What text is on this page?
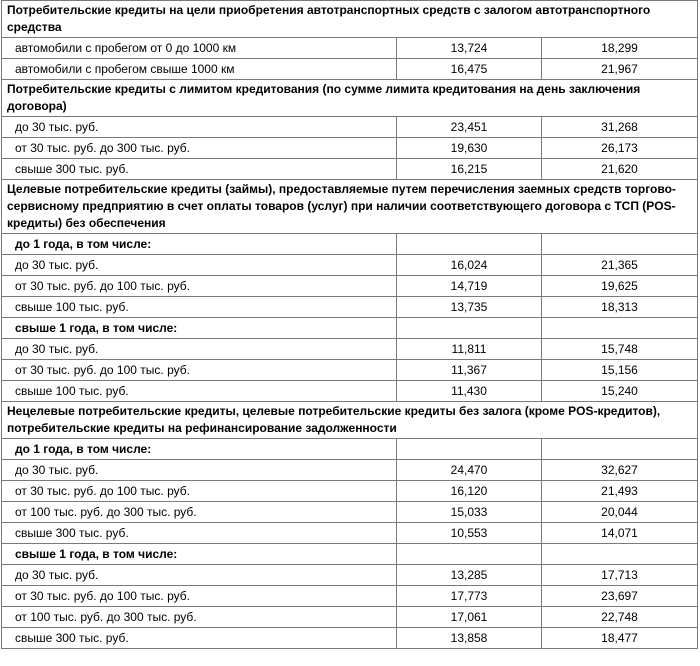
Потребительские кредиты на цели приобретения автотранспортных средств с залогом автотранспортного средства		
автомобили с пробегом от 0 до 1000 км	13,724	18,299
автомобили с пробегом свыше 1000 км	16,475	21,967
Потребительские кредиты с лимитом кредитования (по сумме лимита кредитования на день заключения договора)		
до 30 тыс. руб.	23,451	31,268
от 30 тыс. руб. до 300 тыс. руб.	19,630	26,173
свыше 300 тыс. руб.	16,215	21,620
Целевые потребительские кредиты (займы), предоставляемые путем перечисления заемных средств торгово-сервисному предприятию в счет оплаты товаров (услуг) при наличии соответствующего договора с ТСП (POS-кредиты) без обеспечения		
до 1 года, в том числе:		
до 30 тыс. руб.	16,024	21,365
от 30 тыс. руб. до 100 тыс. руб.	14,719	19,625
свыше 100 тыс. руб.	13,735	18,313
свыше 1 года, в том числе:		
до 30 тыс. руб.	11,811	15,748
от 30 тыс. руб. до 100 тыс. руб.	11,367	15,156
свыше 100 тыс. руб.	11,430	15,240
Нецелевые потребительские кредиты, целевые потребительские кредиты без залога (кроме POS-кредитов), потребительские кредиты на рефинансирование задолженности		
до 1 года, в том числе:		
до 30 тыс. руб.	24,470	32,627
от 30 тыс. руб. до 100 тыс. руб.	16,120	21,493
от 100 тыс. руб. до 300 тыс. руб.	15,033	20,044
свыше 300 тыс. руб.	10,553	14,071
свыше 1 года, в том числе:		
до 30 тыс. руб.	13,285	17,713
от 30 тыс. руб. до 100 тыс. руб.	17,773	23,697
от 100 тыс. руб. до 300 тыс. руб.	17,061	22,748
свыше 300 тыс. руб.	13,858	18,477
